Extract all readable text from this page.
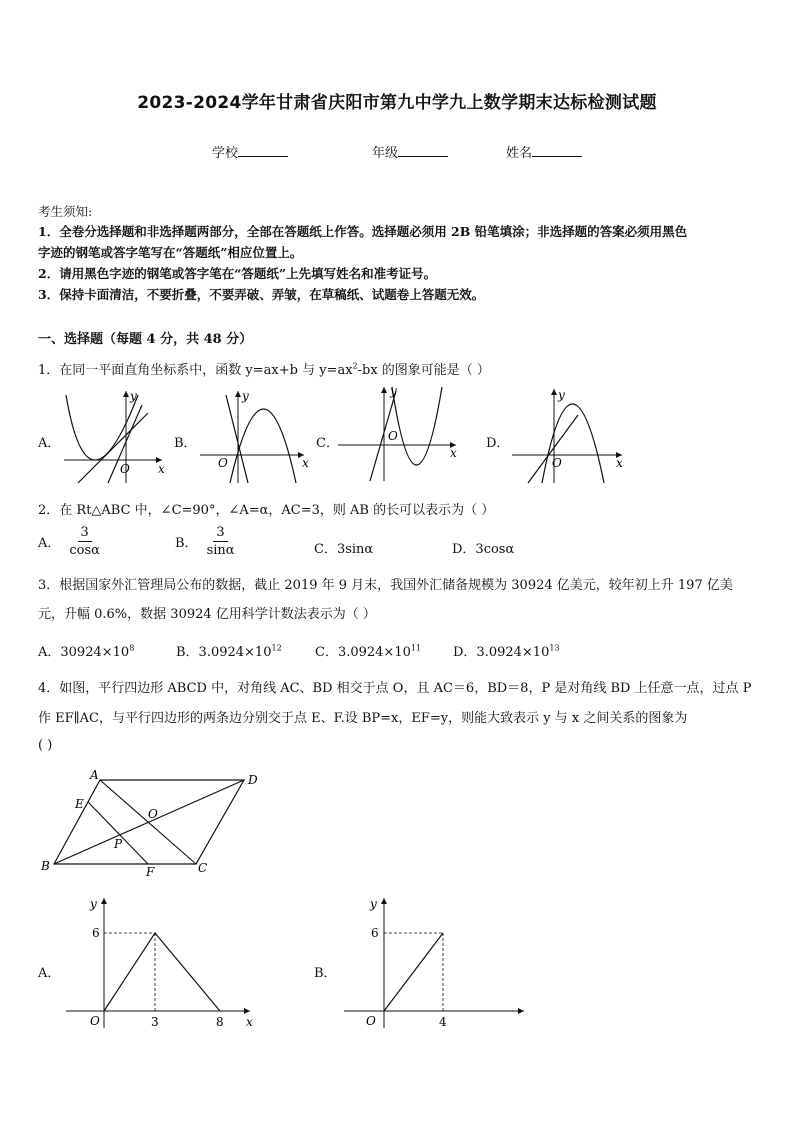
2023-2024学年甘肃省庆阳市第九中学九上数学期末达标检测试题
学校	年级	姓名
考生须知:
1．全卷分选择题和非选择题两部分，全部在答题纸上作答。选择题必须用 2B 铅笔填涂；非选择题的答案必须用黑色
字迹的钢笔或答字笔写在“答题纸”相应位置上。
2．请用黑色字迹的钢笔或答字笔在“答题纸”上先填写姓名和准考证号。
3．保持卡面清洁，不要折叠，不要弄破、弄皱，在草稿纸、试题卷上答题无效。
一、选择题（每题 4 分，共 48 分）
1．在同一平面直角坐标系中，函数 y=ax+b 与 $y=ax^2-bx$ 的图象可能是（ ）
A．
x
y
O
B．
x
y
O
C．
x
y
O	D．
x
y
O
2．在 Rt△ABC 中，∠C=90°，∠A=α，AC=3，则 AB 的长可以表示为（ ）
A． $\frac{3}{\cos\alpha}$	B． $\frac{3}{\sin\alpha}$	C．3sinα	D．3cosα
3．根据国家外汇管理局公布的数据，截止 2019 年 9 月末，我国外汇储备规模为 30924 亿美元，较年初上升 197 亿美
元，升幅 0.6%，数据 30924 亿用科学计数法表示为（ ）
A．$30924\times 10^8$	B．$3.0924\times 10^{12}$	C．$3.0924\times 10^{11}$ D．$3.0924\times 10^{13}$
4．如图，平行四边形 ABCD 中，对角线 AC、BD 相交于点 O，且 AC＝6，BD＝8，P 是对角线 BD 上任意一点，过点 P
作 EF∥AC，与平行四边形的两条边分别交于点 E、F.设 BP=x，EF=y，则能大致表示 y 与 x 之间关系的图象为
( )
A	D
B	C
E
F
O
P
A．
y
x
O
6
3	8
B．
y
O
6
4
